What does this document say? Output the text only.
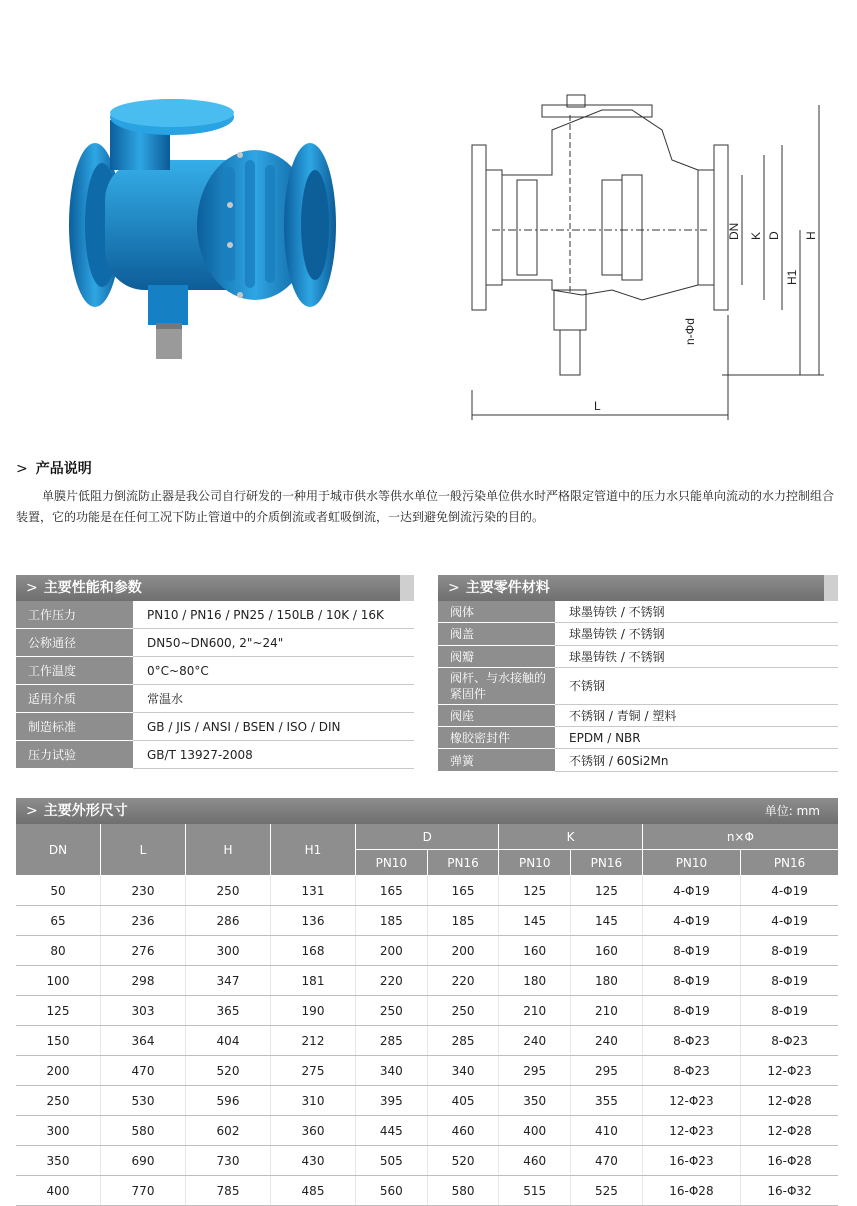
DN K D
H1
H
n-Φd
L
> 产品说明
单膜片低阻力倒流防止器是我公司自行研发的一种用于城市供水等供水单位一般污染单位供水时严格限定管道中的压力水只能单向流动的水力控制组合装置，它的功能是在任何工况下防止管道中的介质倒流或者虹吸倒流，一达到避免倒流污染的目的。
> 主要性能和参数
工作压力	PN10 / PN16 / PN25 / 150LB / 10K / 16K
公称通径	DN50~DN600, 2"~24"
工作温度	0°C~80°C
适用介质	常温水
制造标准	GB / JIS / ANSI / BSEN / ISO / DIN
压力试验	GB/T 13927-2008
> 主要零件材料
阀体	球墨铸铁 / 不锈钢
阀盖	球墨铸铁 / 不锈钢
阀瓣	球墨铸铁 / 不锈钢
阀杆、与水接触的紧固件	不锈钢
阀座	不锈钢 / 青铜 / 塑料
橡胶密封件	EPDM / NBR
弹簧	不锈钢 / 60Si2Mn
> 主要外形尺寸	单位: mm
DN	L	H	H1	D		K		n×Φ	
				PN10	PN16	PN10	PN16	PN10	PN16
50	230	250	131	165	165	125	125	4-Φ19	4-Φ19
65	236	286	136	185	185	145	145	4-Φ19	4-Φ19
80	276	300	168	200	200	160	160	8-Φ19	8-Φ19
100	298	347	181	220	220	180	180	8-Φ19	8-Φ19
125	303	365	190	250	250	210	210	8-Φ19	8-Φ19
150	364	404	212	285	285	240	240	8-Φ23	8-Φ23
200	470	520	275	340	340	295	295	8-Φ23	12-Φ23
250	530	596	310	395	405	350	355	12-Φ23	12-Φ28
300	580	602	360	445	460	400	410	12-Φ23	12-Φ28
350	690	730	430	505	520	460	470	16-Φ23	16-Φ28
400	770	785	485	560	580	515	525	16-Φ28	16-Φ32
